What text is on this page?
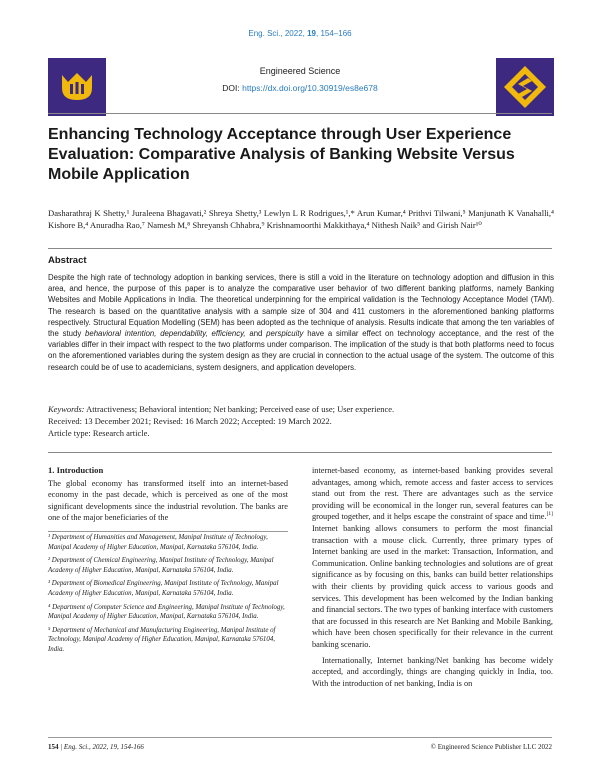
Eng. Sci., 2022, 19, 154–166
Engineered Science
DOI: https://dx.doi.org/10.30919/es8e678
Enhancing Technology Acceptance through User Experience Evaluation: Comparative Analysis of Banking Website Versus Mobile Application
Dasharathraj K Shetty,¹ Juraleena Bhagavati,² Shreya Shetty,³ Lewlyn L R Rodrigues,¹,* Arun Kumar,⁴ Prithvi Tilwani,⁵ Manjunath K Vanahalli,⁴ Kishore B,⁴ Anuradha Rao,⁷ Namesh M,⁸ Shreyansh Chhabra,⁹ Krishnamoorthi Makkithaya,⁴ Nithesh Naik⁵ and Girish Nair¹⁰
Abstract
Despite the high rate of technology adoption in banking services, there is still a void in the literature on technology adoption and diffusion in this area, and hence, the purpose of this paper is to analyze the comparative user behavior of two different banking platforms, namely Banking Websites and Mobile Applications in India. The theoretical underpinning for the empirical validation is the Technology Acceptance Model (TAM). The research is based on the quantitative analysis with a sample size of 304 and 411 customers in the aforementioned banking platforms respectively. Structural Equation Modelling (SEM) has been adopted as the technique of analysis. Results indicate that among the ten variables of the study behavioral intention, dependability, efficiency, and perspicuity have a similar effect on technology acceptance, and the rest of the variables differ in their impact with respect to the two platforms under comparison. The implication of the study is that both platforms need to focus on the aforementioned variables during the system design as they are crucial in connection to the actual usage of the system. The outcome of this research could be of use to academicians, system designers, and application developers.
Keywords: Attractiveness; Behavioral intention; Net banking; Perceived ease of use; User experience.
Received: 13 December 2021; Revised: 16 March 2022; Accepted: 19 March 2022.
Article type: Research article.
1. Introduction
The global economy has transformed itself into an internet-based economy in the past decade, which is perceived as one of the most significant developments since the industrial revolution. The banks are one of the major beneficiaries of the
¹ Department of Humanities and Management, Manipal Institute of Technology, Manipal Academy of Higher Education, Manipal, Karnataka 576104, India.
² Department of Chemical Engineering, Manipal Institute of Technology, Manipal Academy of Higher Education, Manipal, Karnataka 576104, India.
³ Department of Biomedical Engineering, Manipal Institute of Technology, Manipal Academy of Higher Education, Manipal, Karnataka 576104, India.
⁴ Department of Computer Science and Engineering, Manipal Institute of Technology, Manipal Academy of Higher Education, Manipal, Karnataka 576104, India.
⁵ Department of Mechanical and Manufacturing Engineering, Manipal Institute of Technology, Manipal Academy of Higher Education, Manipal, Karnataka 576104, India.
internet-based economy, as internet-based banking provides several advantages, among which, remote access and faster access to services stand out from the rest. There are advantages such as the service providing will be economical in the longer run, several features can be grouped together, and it helps escape the constraint of space and time.[1] Internet banking allows consumers to perform the most financial transaction with a mouse click. Currently, three primary types of Internet banking are used in the market: Transaction, Information, and Communication. Online banking technologies and solutions are of great significance as by focusing on this, banks can build better relationships with their clients by providing quick access to various goods and services. This development has been welcomed by the Indian banking and financial sectors. The two types of banking interface with customers that are focussed in this research are Net Banking and Mobile Banking, which have been chosen specifically for their relevance in the current banking scenario.
Internationally, Internet banking/Net banking has become widely accepted, and accordingly, things are changing quickly in India, too. With the introduction of net banking, India is on
154 | Eng. Sci., 2022, 19, 154-166	© Engineered Science Publisher LLC 2022
